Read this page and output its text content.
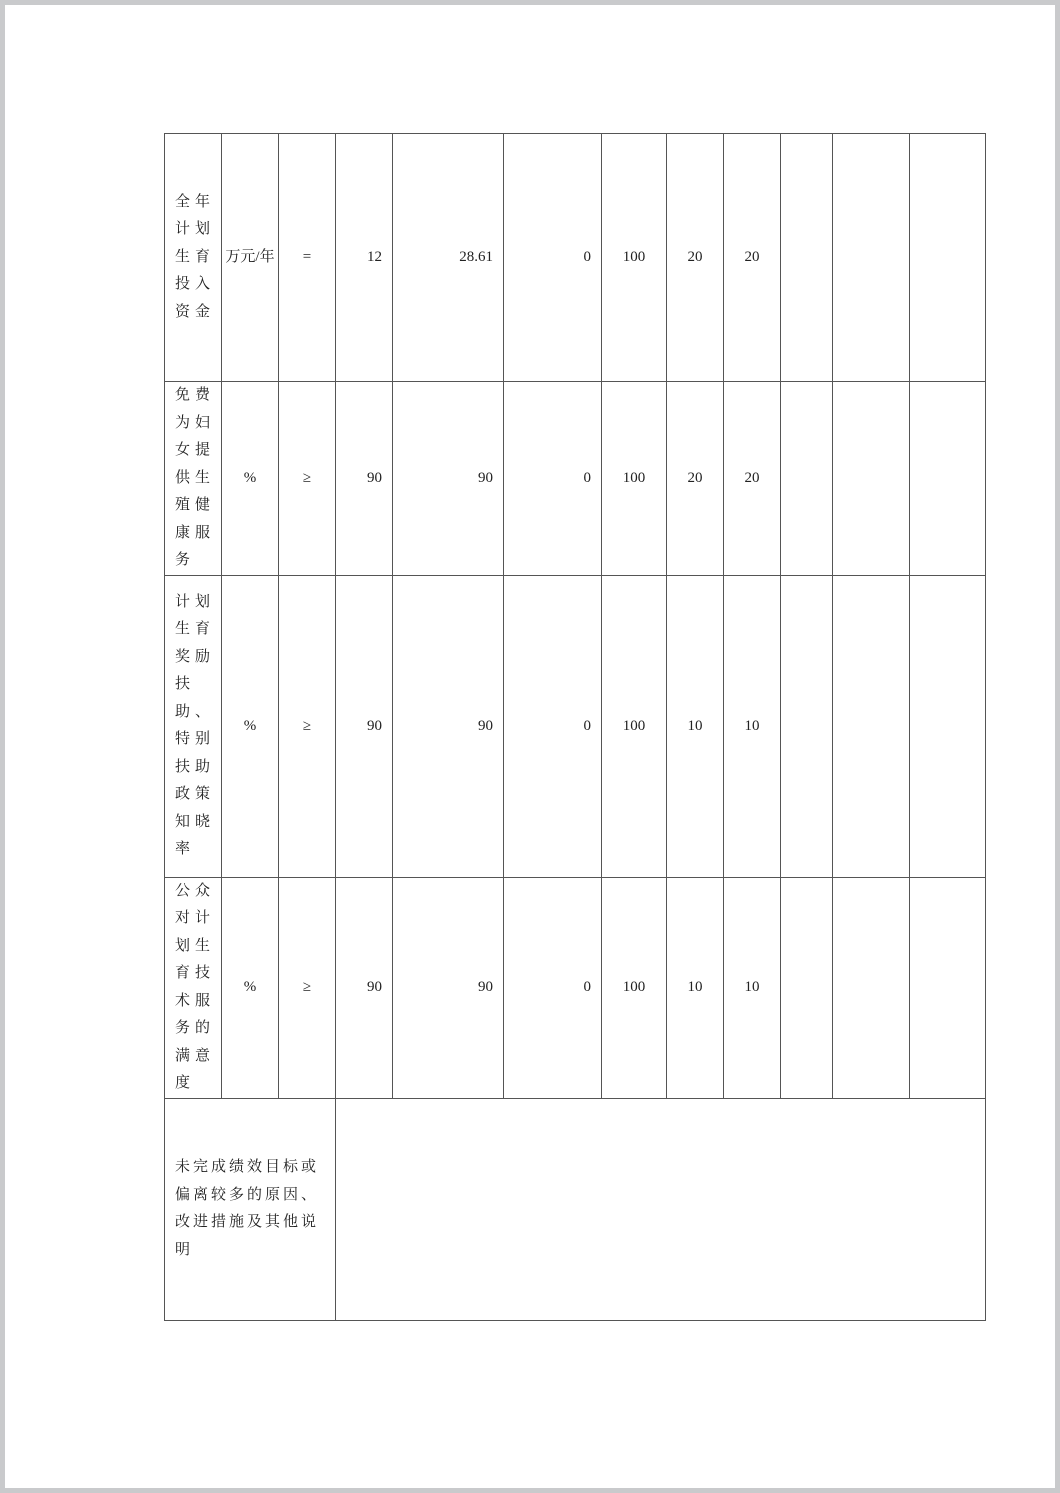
全年计划生育投入资金	万元/年	=	12	28.61	0	100	20	20			
免费为妇女提供生殖健康服务	%	≥	90	90	0	100	20	20			
计划生育奖励扶助、特别扶助政策知晓率	%	≥	90	90	0	100	10	10			
公众对计划生育技术服务的满意度	%	≥	90	90	0	100	10	10			
未完成绩效目标或偏离较多的原因、改进措施及其他说明											
